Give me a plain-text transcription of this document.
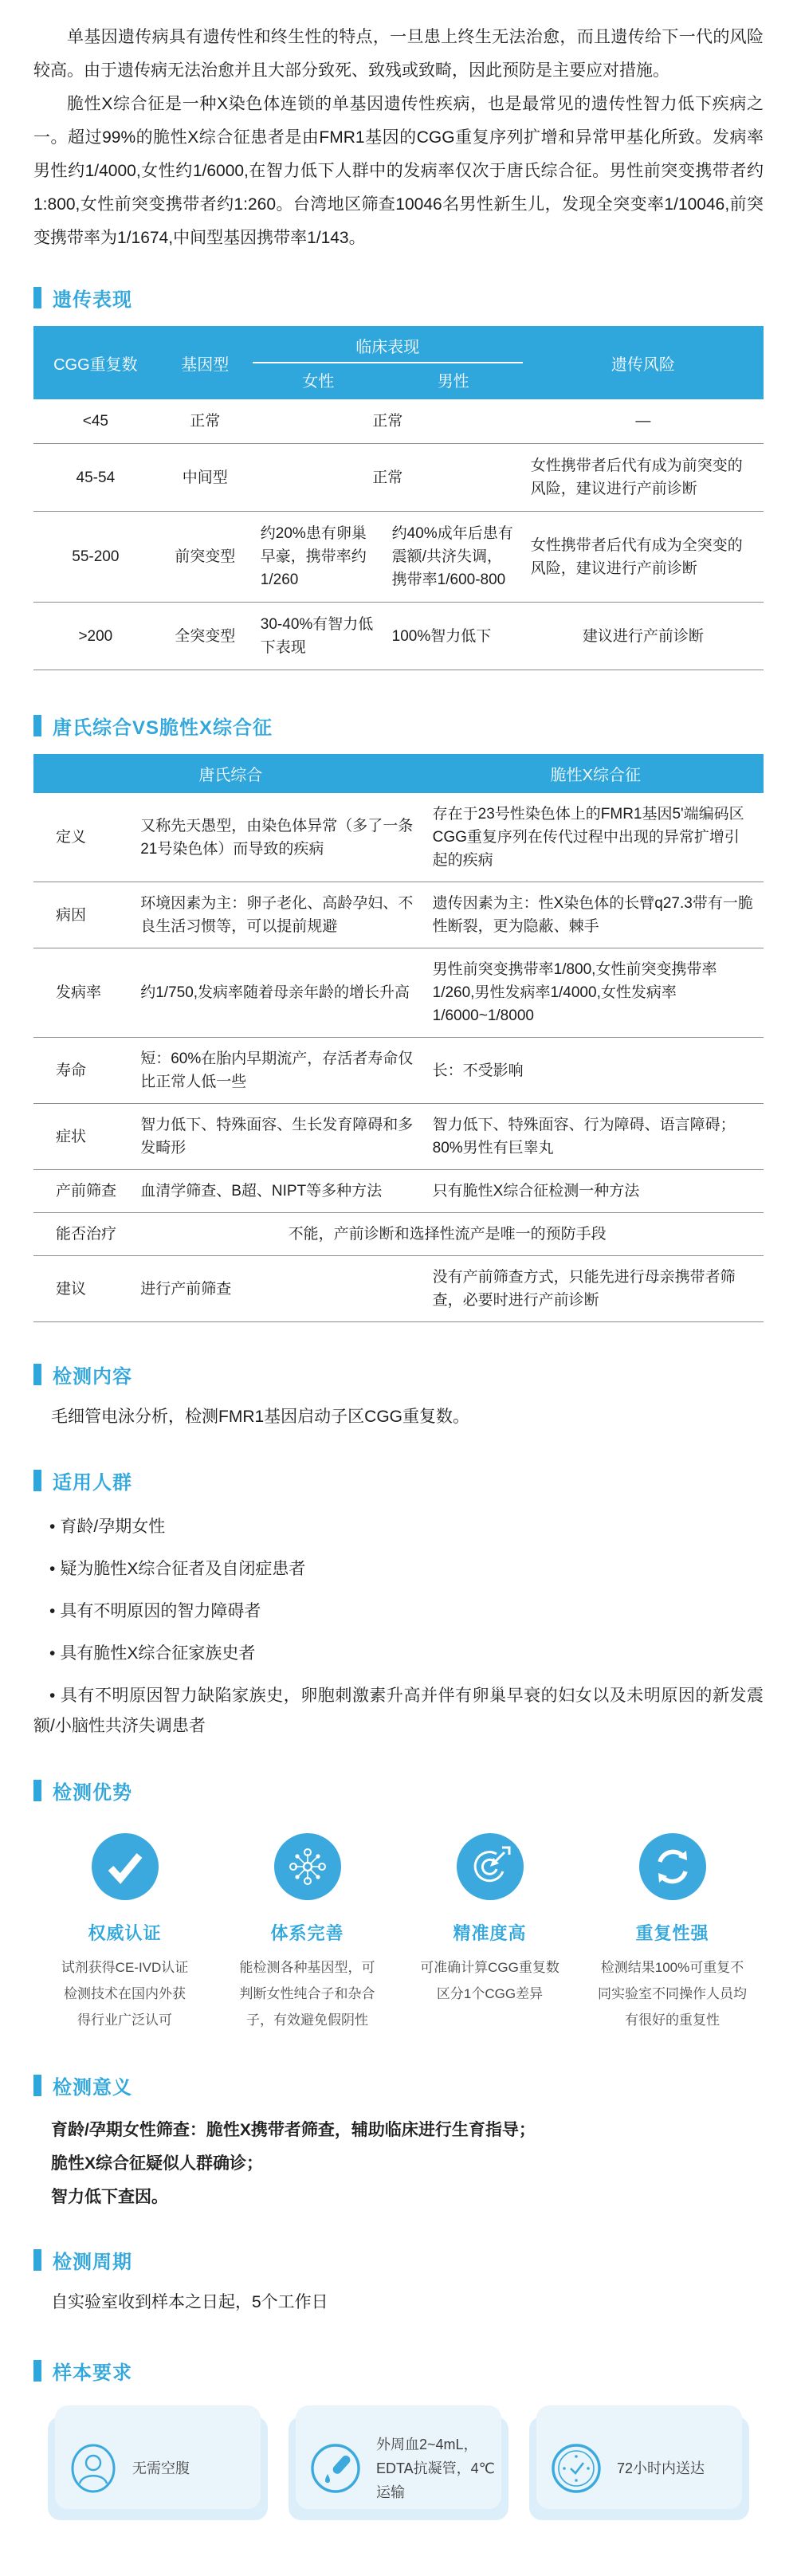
单基因遗传病具有遗传性和终生性的特点，一旦患上终生无法治愈，而且遗传给下一代的风险较高。由于遗传病无法治愈并且大部分致死、致残或致畸，因此预防是主要应对措施。

脆性X综合征是一种X染色体连锁的单基因遗传性疾病，也是最常见的遗传性智力低下疾病之一。超过99%的脆性X综合征患者是由FMR1基因的CGG重复序列扩增和异常甲基化所致。发病率男性约1/4000,女性约1/6000,在智力低下人群中的发病率仅次于唐氏综合征。男性前突变携带者约1:800,女性前突变携带者约1:260。台湾地区筛查10046名男性新生儿，发现全突变率1/10046,前突变携带率为1/1674,中间型基因携带率1/143。

遗传表现
CGG重复数	基因型	临床表现		遗传风险
		女性	男性	
<45	正常	正常		—
45-54	中间型	正常		女性携带者后代有成为前突变的风险，建议进行产前诊断
55-200	前突变型	约20%患有卵巢早豪，携带率约1/260	约40%成年后患有震额/共济失调，携带率1/600-800	女性携带者后代有成为全突变的风险，建议进行产前诊断
>200	全突变型	30-40%有智力低下表现	100%智力低下	建议进行产前诊断
唐氏综合VS脆性X综合征
唐氏综合		脆性X综合征
定义	又称先天愚型，由染色体异常（多了一条21号染色体）而导致的疾病	存在于23号性染色体上的FMR1基因5'端编码区CGG重复序列在传代过程中出现的异常扩增引起的疾病
病因	环境因素为主：卵子老化、高龄孕妇、不良生活习惯等，可以提前规避	遗传因素为主：性X染色体的长臂q27.3带有一脆性断裂，更为隐蔽、棘手
发病率	约1/750,发病率随着母亲年龄的增长升高	男性前突变携带率1/800,女性前突变携带率1/260,男性发病率1/4000,女性发病率1/6000~1/8000
寿命	短：60%在胎内早期流产，存活者寿命仅比正常人低一些	长：不受影响
症状	智力低下、特殊面容、生长发育障碍和多发畸形	智力低下、特殊面容、行为障碍、语言障碍；80%男性有巨睾丸
产前筛查	血清学筛查、B超、NIPT等多种方法	只有脆性X综合征检测一种方法
能否治疗	不能，产前诊断和选择性流产是唯一的预防手段	
建议	进行产前筛查	没有产前筛查方式，只能先进行母亲携带者筛查，必要时进行产前诊断
检测内容
毛细管电泳分析，检测FMR1基因启动子区CGG重复数。
适用人群
• 育龄/孕期女性
• 疑为脆性X综合征者及自闭症患者
• 具有不明原因的智力障碍者
• 具有脆性X综合征家族史者
• 具有不明原因智力缺陷家族史，卵胞刺激素升高并伴有卵巢早衰的妇女以及未明原因的新发震额/小脑性共济失调患者
检测优势
权威认证
试剂获得CE-IVD认证
检测技术在国内外获
得行业广泛认可
体系完善
能检测各种基因型，可
判断女性纯合子和杂合
子，有效避免假阴性
精准度高
可准确计算CGG重复数
区分1个CGG差异
重复性强
检测结果100%可重复不
同实验室不同操作人员均
有很好的重复性
检测意义
育龄/孕期女性筛查：脆性X携带者筛查，辅助临床进行生育指导；
脆性X综合征疑似人群确诊；
智力低下查因。
检测周期
自实验室收到样本之日起，5个工作日
样本要求
无需空腹
外周血2~4mL，
EDTA抗凝管，4℃运输
72小时内送达
